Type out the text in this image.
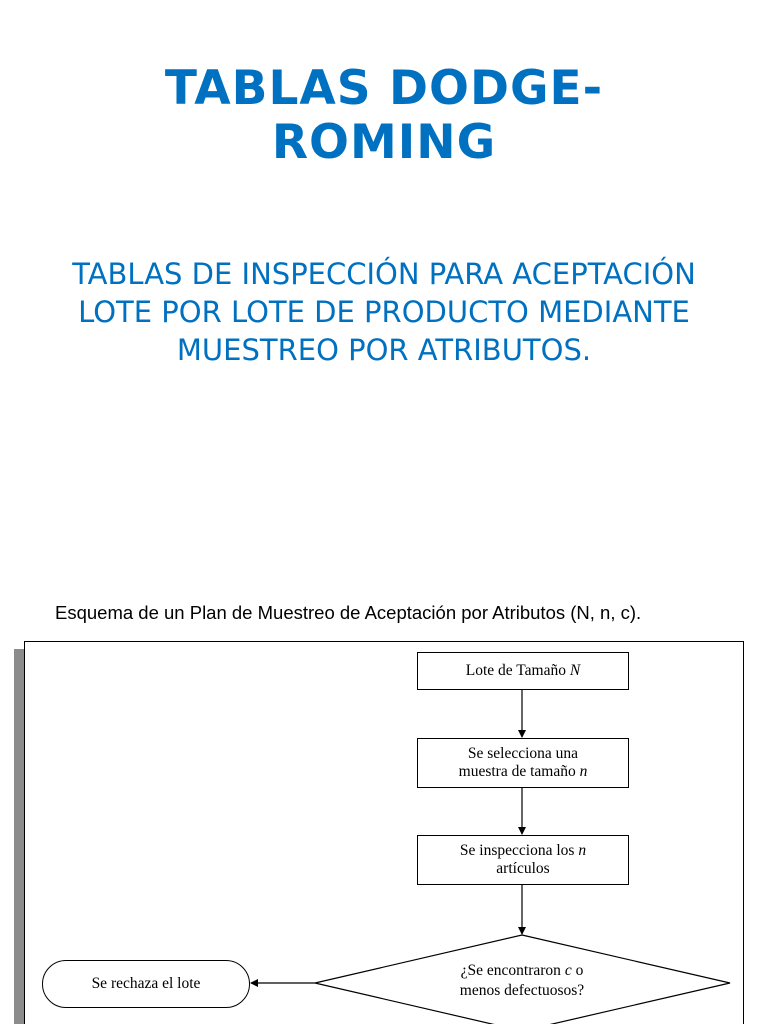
TABLAS DODGE-
ROMING
TABLAS DE INSPECCIÓN PARA ACEPTACIÓN
LOTE POR LOTE DE PRODUCTO MEDIANTE
MUESTREO POR ATRIBUTOS.
Esquema de un Plan de Muestreo de Aceptación por Atributos (N, n, c).
Lote de Tamaño N
Se selecciona una
muestra de tamaño n
Se inspecciona los n
artículos
¿Se encontraron c o
menos defectuosos?
Se rechaza el lote
